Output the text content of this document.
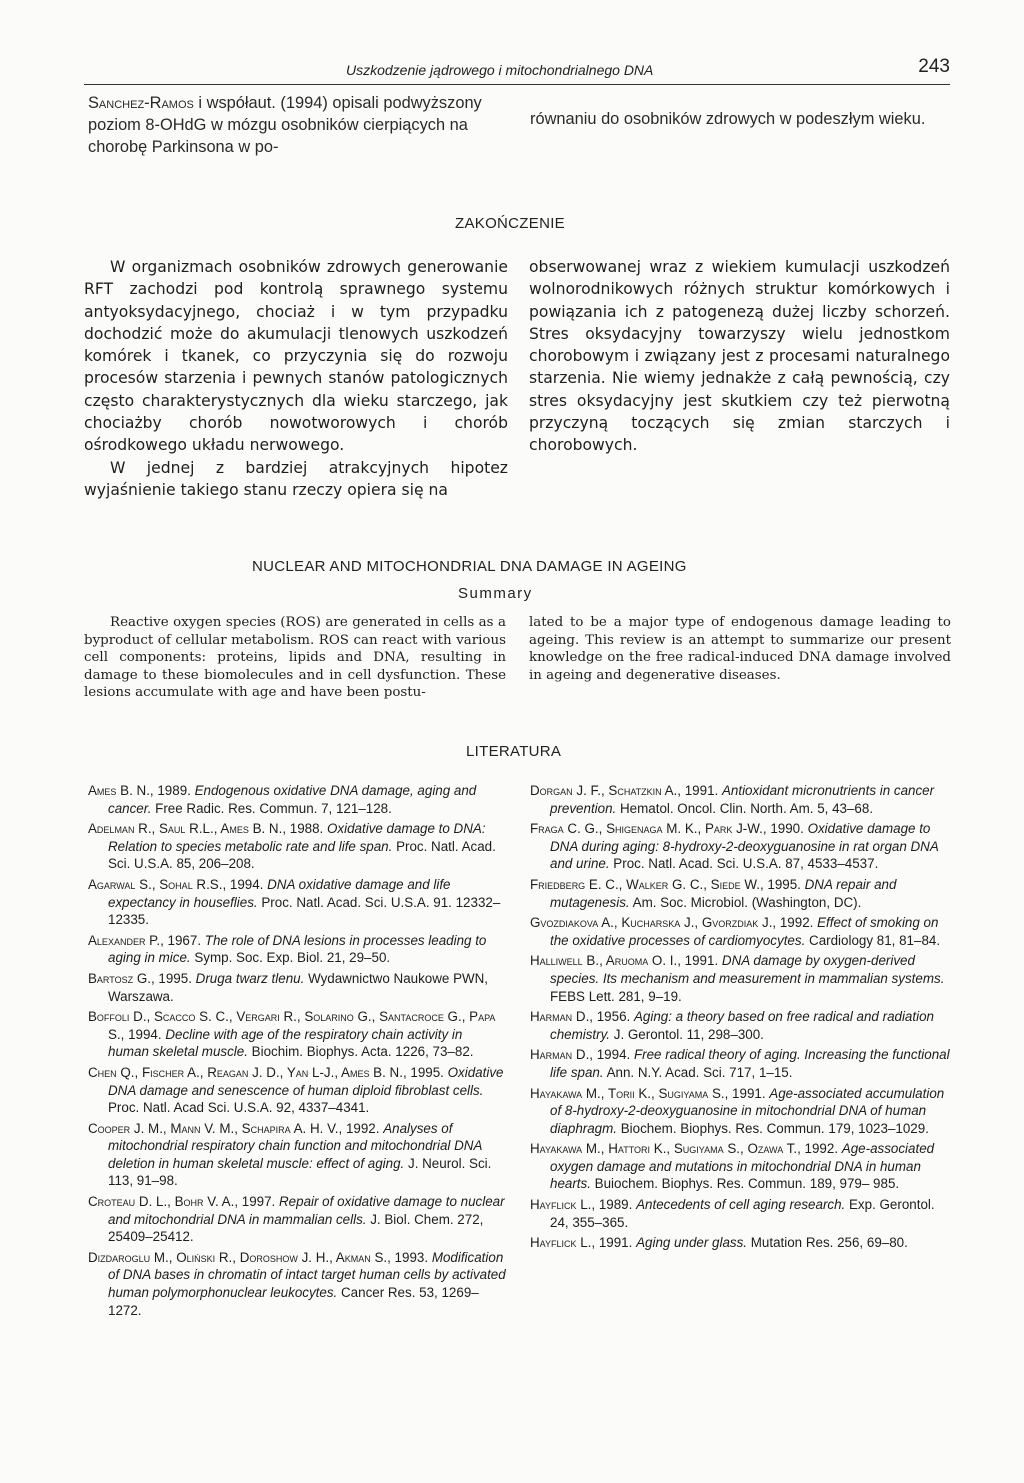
Uszkodzenie jądrowego i mitochondrialnego DNA	243
Sanchez-Ramos i współaut. (1994) opisali podwyższony poziom 8-OHdG w mózgu osobników cierpiących na chorobę Parkinsona w po-
równaniu do osobników zdrowych w podeszłym wieku.
ZAKOŃCZENIE
W organizmach osobników zdrowych generowanie RFT zachodzi pod kontrolą sprawnego systemu antyoksydacyjnego, chociaż i w tym przypadku dochodzić może do akumulacji tlenowych uszkodzeń komórek i tkanek, co przyczynia się do rozwoju procesów starzenia i pewnych stanów patologicznych często charakterystycznych dla wieku starczego, jak chociażby chorób nowotworowych i chorób ośrodkowego układu nerwowego.
W jednej z bardziej atrakcyjnych hipotez wyjaśnienie takiego stanu rzeczy opiera się na
obserwowanej wraz z wiekiem kumulacji uszkodzeń wolnorodnikowych różnych struktur komórkowych i powiązania ich z patogenezą dużej liczby schorzeń. Stres oksydacyjny towarzyszy wielu jednostkom chorobowym i związany jest z procesami naturalnego starzenia. Nie wiemy jednakże z całą pewnością, czy stres oksydacyjny jest skutkiem czy też pierwotną przyczyną toczących się zmian starczych i chorobowych.
NUCLEAR AND MITOCHONDRIAL DNA DAMAGE IN AGEING
Summary
Reactive oxygen species (ROS) are generated in cells as a byproduct of cellular metabolism. ROS can react with various cell components: proteins, lipids and DNA, resulting in damage to these biomolecules and in cell dysfunction. These lesions accumulate with age and have been postu-
lated to be a major type of endogenous damage leading to ageing. This review is an attempt to summarize our present knowledge on the free radical-induced DNA damage involved in ageing and degenerative diseases.
LITERATURA
Ames B. N., 1989. Endogenous oxidative DNA damage, aging and cancer. Free Radic. Res. Commun. 7, 121–128.
Adelman R., Saul R.L., Ames B. N., 1988. Oxidative damage to DNA: Relation to species metabolic rate and life span. Proc. Natl. Acad. Sci. U.S.A. 85, 206–208.
Agarwal S., Sohal R.S., 1994. DNA oxidative damage and life expectancy in houseflies. Proc. Natl. Acad. Sci. U.S.A. 91. 12332–12335.
Alexander P., 1967. The role of DNA lesions in processes leading to aging in mice. Symp. Soc. Exp. Biol. 21, 29–50.
Bartosz G., 1995. Druga twarz tlenu. Wydawnictwo Naukowe PWN, Warszawa.
Boffoli D., Scacco S. C., Vergari R., Solarino G., Santacroce G., Papa S., 1994. Decline with age of the respiratory chain activity in human skeletal muscle. Biochim. Biophys. Acta. 1226, 73–82.
Chen Q., Fischer A., Reagan J. D., Yan L-J., Ames B. N., 1995. Oxidative DNA damage and senescence of human diploid fibroblast cells. Proc. Natl. Acad Sci. U.S.A. 92, 4337–4341.
Cooper J. M., Mann V. M., Schapira A. H. V., 1992. Analyses of mitochondrial respiratory chain function and mitochondrial DNA deletion in human skeletal muscle: effect of aging. J. Neurol. Sci. 113, 91–98.
Croteau D. L., Bohr V. A., 1997. Repair of oxidative damage to nuclear and mitochondrial DNA in mammalian cells. J. Biol. Chem. 272, 25409–25412.
Dizdaroglu M., Oliński R., Doroshow J. H., Akman S., 1993. Modification of DNA bases in chromatin of intact target human cells by activated human polymorphonuclear leukocytes. Cancer Res. 53, 1269–1272.
Dorgan J. F., Schatzkin A., 1991. Antioxidant micronutrients in cancer prevention. Hematol. Oncol. Clin. North. Am. 5, 43–68.
Fraga C. G., Shigenaga M. K., Park J-W., 1990. Oxidative damage to DNA during aging: 8-hydroxy-2-deoxyguanosine in rat organ DNA and urine. Proc. Natl. Acad. Sci. U.S.A. 87, 4533–4537.
Friedberg E. C., Walker G. C., Siede W., 1995. DNA repair and mutagenesis. Am. Soc. Microbiol. (Washington, DC).
Gvozdiakova A., Kucharska J., Gvorzdiak J., 1992. Effect of smoking on the oxidative processes of cardiomyocytes. Cardiology 81, 81–84.
Halliwell B., Aruoma O. I., 1991. DNA damage by oxygen-derived species. Its mechanism and measurement in mammalian systems. FEBS Lett. 281, 9–19.
Harman D., 1956. Aging: a theory based on free radical and radiation chemistry. J. Gerontol. 11, 298–300.
Harman D., 1994. Free radical theory of aging. Increasing the functional life span. Ann. N.Y. Acad. Sci. 717, 1–15.
Hayakawa M., Torii K., Sugiyama S., 1991. Age-associated accumulation of 8-hydroxy-2-deoxyguanosine in mitochondrial DNA of human diaphragm. Biochem. Biophys. Res. Commun. 179, 1023–1029.
Hayakawa M., Hattori K., Sugiyama S., Ozawa T., 1992. Age-associated oxygen damage and mutations in mitochondrial DNA in human hearts. Buiochem. Biophys. Res. Commun. 189, 979– 985.
Hayflick L., 1989. Antecedents of cell aging research. Exp. Gerontol. 24, 355–365.
Hayflick L., 1991. Aging under glass. Mutation Res. 256, 69–80.
